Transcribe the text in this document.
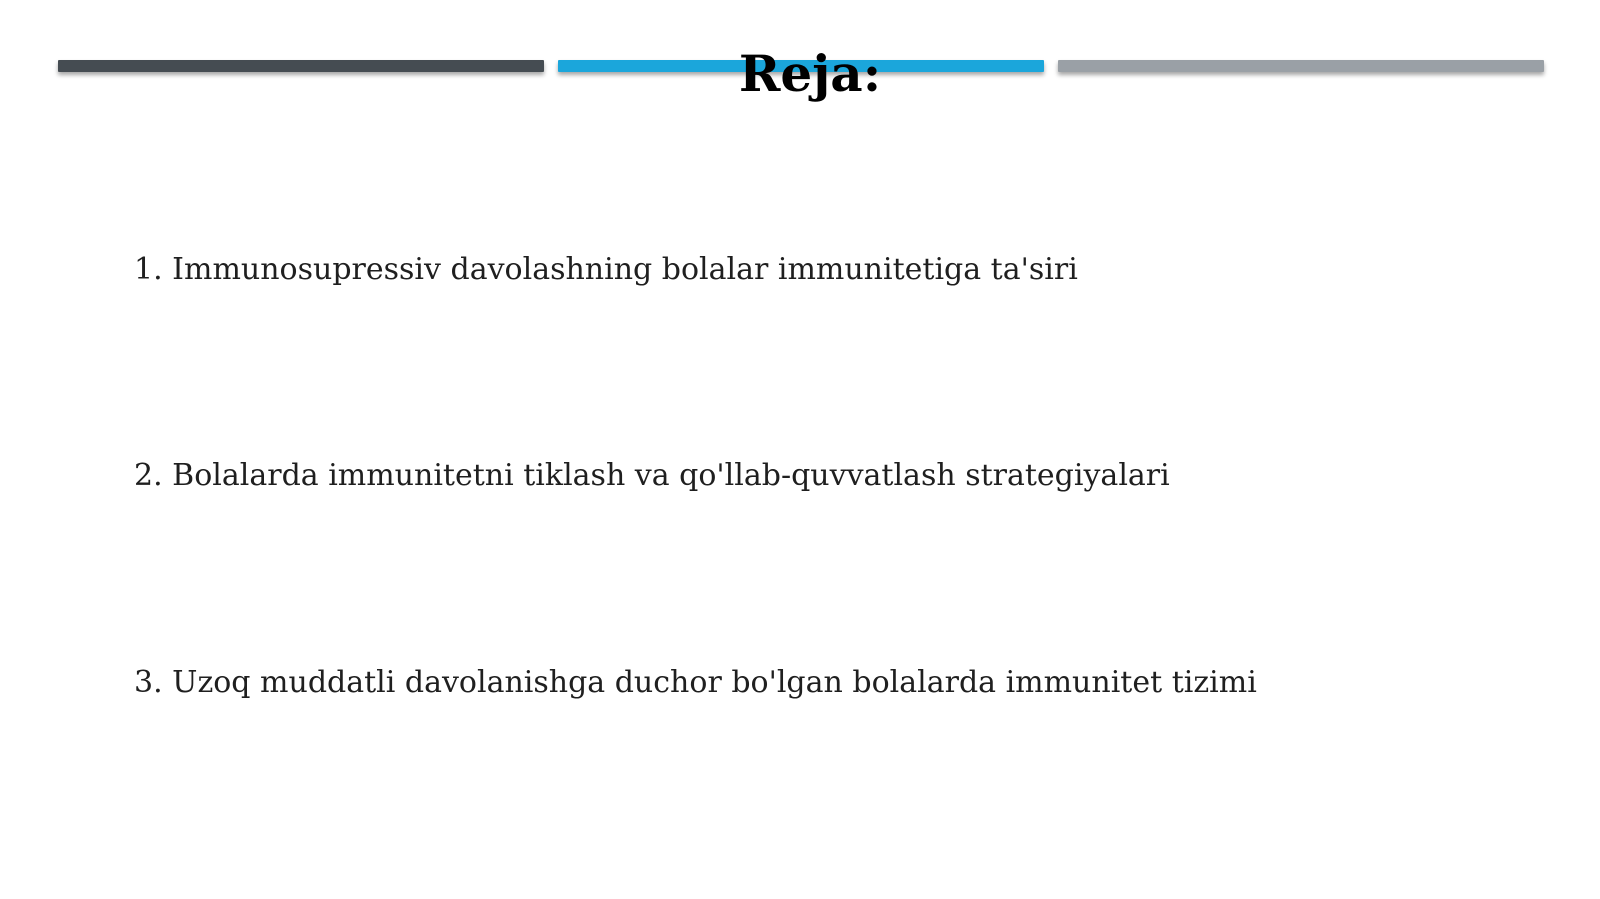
Reja:
1. Immunosupressiv davolashning bolalar immunitetiga ta'siri
2. Bolalarda immunitetni tiklash va qo'llab-quvvatlash strategiyalari
3. Uzoq muddatli davolanishga duchor bo'lgan bolalarda immunitet tizimi
